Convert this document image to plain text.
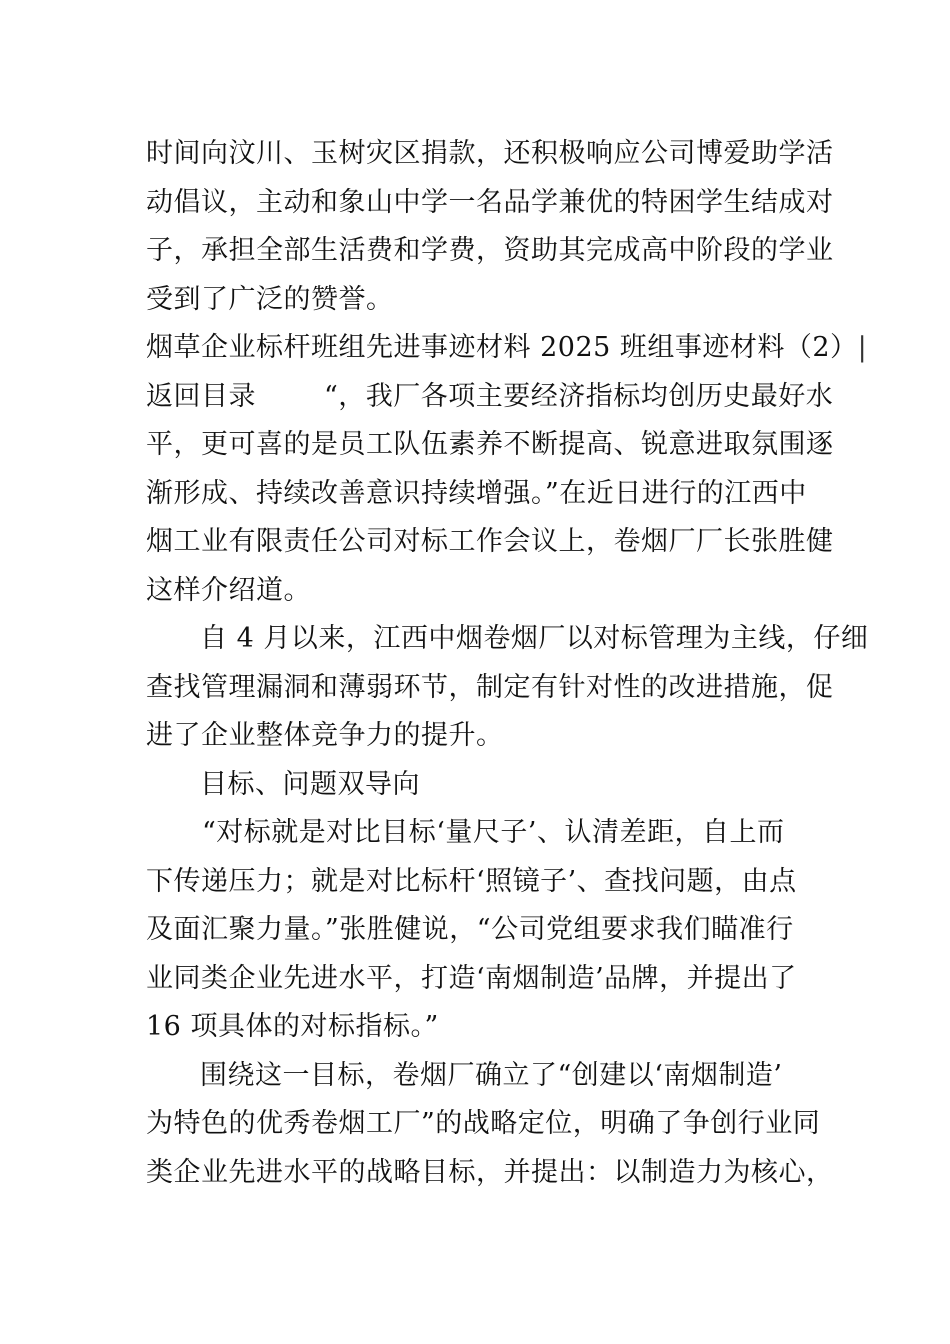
时间向汶川、玉树灾区捐款，还积极响应公司博爱助学活
动倡议，主动和象山中学一名品学兼优的特困学生结成对
子，承担全部生活费和学费，资助其完成高中阶段的学业
受到了广泛的赞誉。
烟草企业标杆班组先进事迹材料 2025 班组事迹材料（2） |
返回目录	“，我厂各项主要经济指标均创历史最好水
平，更可喜的是员工队伍素养不断提高、锐意进取氛围逐
渐形成、持续改善意识持续增强。”在近日进行的江西中
烟工业有限责任公司对标工作会议上，卷烟厂厂长张胜健
这样介绍道。
自 4 月以来，江西中烟卷烟厂以对标管理为主线，仔细
查找管理漏洞和薄弱环节，制定有针对性的改进措施，促
进了企业整体竞争力的提升。
目标、问题双导向
“对标就是对比目标‘量尺子’、认清差距，自上而
下传递压力；就是对比标杆‘照镜子’、查找问题，由点
及面汇聚力量。”张胜健说，“公司党组要求我们瞄准行
业同类企业先进水平，打造‘南烟制造’品牌，并提出了
16 项具体的对标指标。”
围绕这一目标，卷烟厂确立了“创建以‘南烟制造’
为特色的优秀卷烟工厂”的战略定位，明确了争创行业同
类企业先进水平的战略目标，并提出：以制造力为核心，
